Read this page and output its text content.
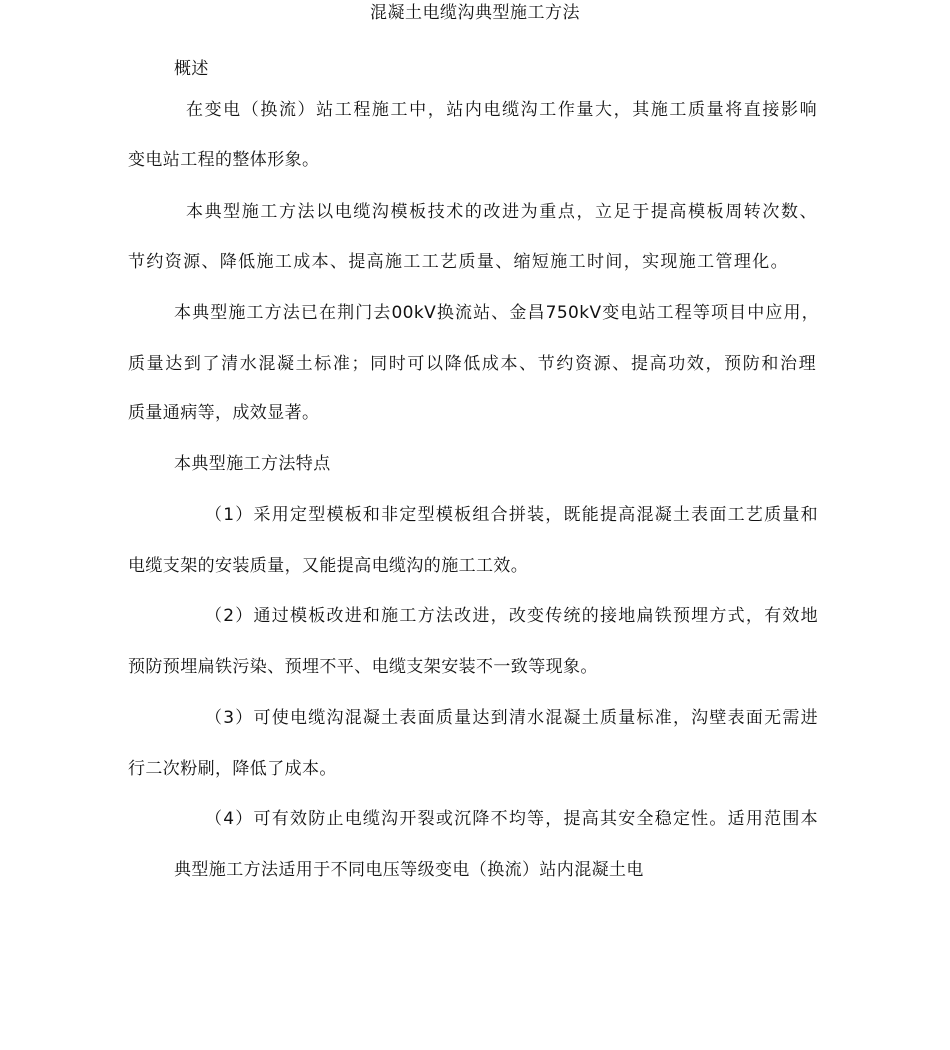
混凝土电缆沟典型施工方法
概述
在变电（换流）站工程施工中，站内电缆沟工作量大，其施工质量将直接影响
变电站工程的整体形象。
本典型施工方法以电缆沟模板技术的改进为重点，立足于提高模板周转次数、
节约资源、降低施工成本、提高施工工艺质量、缩短施工时间，实现施工管理化。
本典型施工方法已在荆门去00kV换流站、金昌750kV变电站工程等项目中应用，
质量达到了清水混凝土标准；同时可以降低成本、节约资源、提高功效，预防和治理
质量通病等，成效显著。
本典型施工方法特点
（1）采用定型模板和非定型模板组合拼装，既能提高混凝土表面工艺质量和
电缆支架的安装质量，又能提高电缆沟的施工工效。
（2）通过模板改进和施工方法改进，改变传统的接地扁铁预埋方式，有效地
预防预埋扁铁污染、预埋不平、电缆支架安装不一致等现象。
（3）可使电缆沟混凝土表面质量达到清水混凝土质量标准，沟壁表面无需进
行二次粉刷，降低了成本。
（4）可有效防止电缆沟开裂或沉降不均等，提高其安全稳定性。适用范围本
典型施工方法适用于不同电压等级变电（换流）站内混凝土电
